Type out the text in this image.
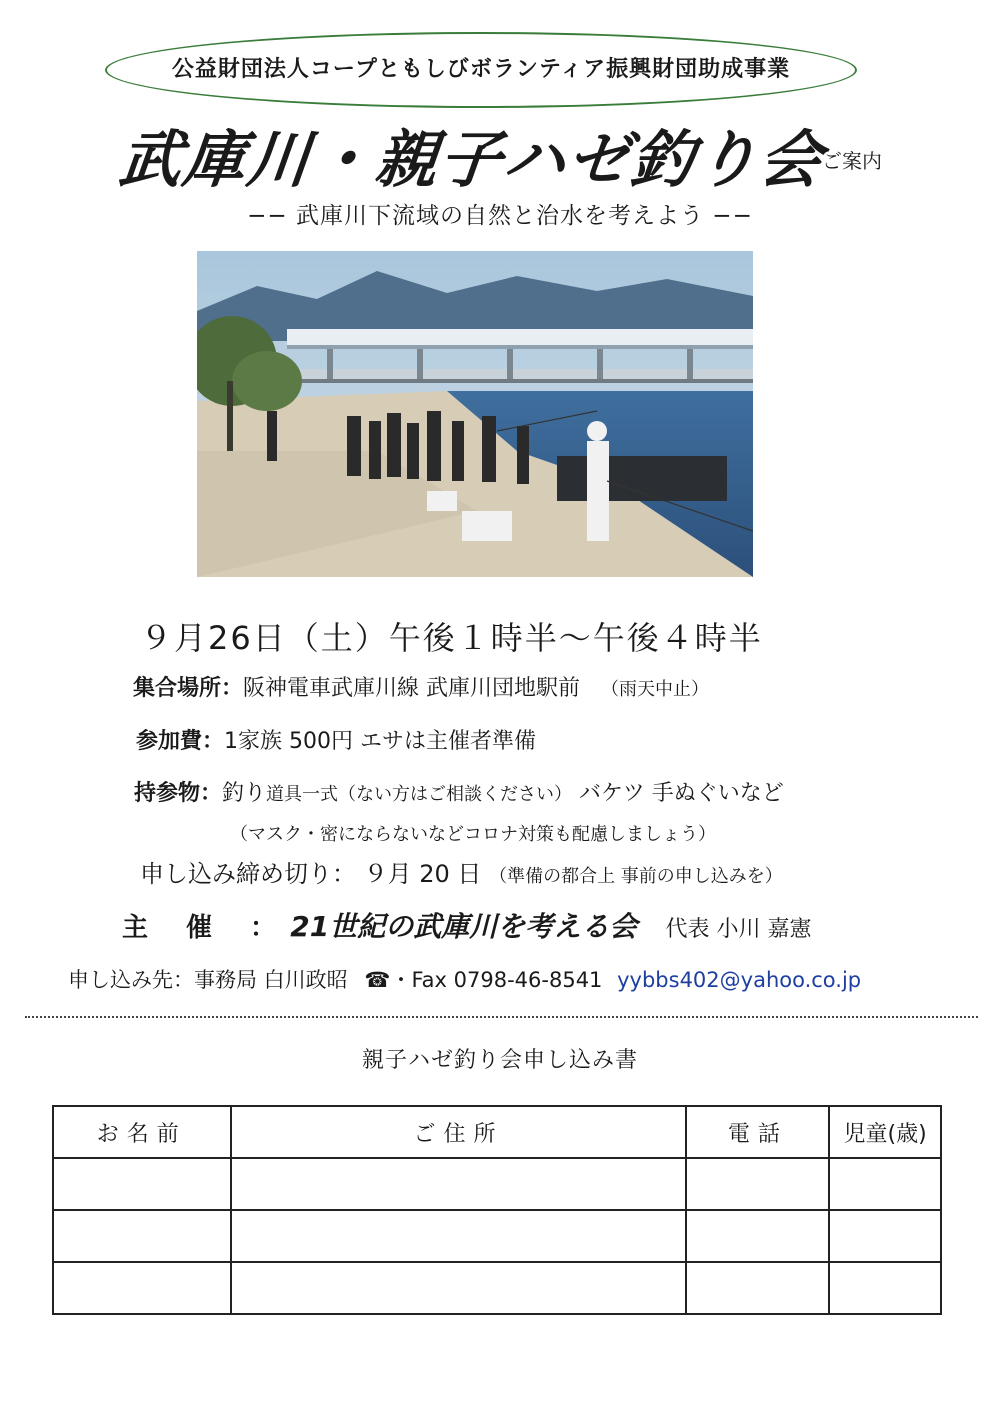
公益財団法人コープともしびボランティア振興財団助成事業
武庫川・親子ハゼ釣り会
ご案内
−− 武庫川下流域の自然と治水を考えよう −−
９月26日（土）午後１時半〜午後４時半
集合場所：阪神電車武庫川線 武庫川団地駅前 （雨天中止）
参加費：1家族 500円 エサは主催者準備
持参物：釣り道具一式（ない方はご相談ください） バケツ 手ぬぐいなど
（マスク・密にならないなどコロナ対策も配慮しましょう）
申し込み締め切り： ９月 20 日 （準備の都合上 事前の申し込みを）
主　催　： 21世紀の武庫川を考える会 代表 小川 嘉憲
申し込み先：事務局 白川政昭 ☎・Fax 0798-46-8541 yybbs402@yahoo.co.jp
親子ハゼ釣り会申し込み書
お名前	ご住所	電話	児童(歳)
